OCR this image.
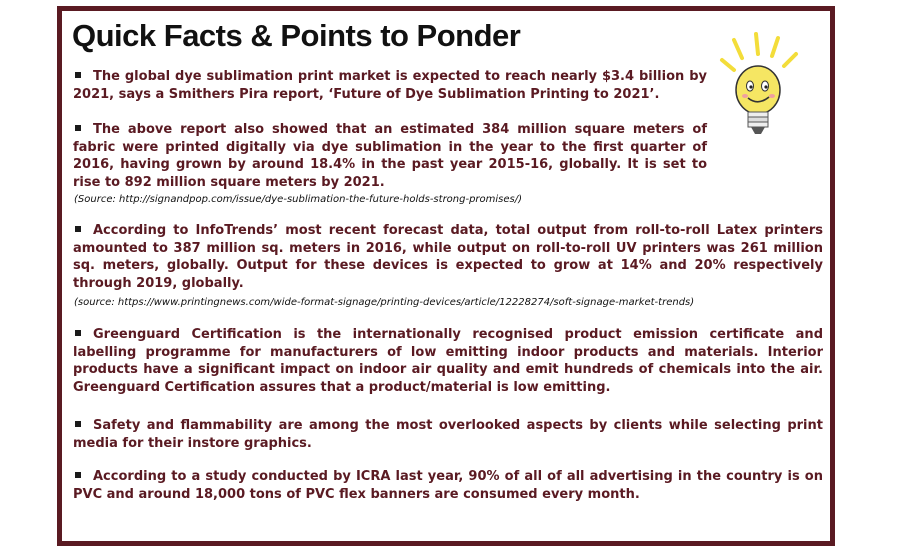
Quick Facts & Points to Ponder

The global dye sublimation print market is expected to reach nearly $3.4 billion by 2021, says a Smithers Pira report, ‘Future of Dye Sublimation Printing to 2021’.

The above report also showed that an estimated 384 million square meters of fabric were printed digitally via dye sublimation in the year to the first quarter of 2016, having grown by around 18.4% in the past year 2015-16, globally. It is set to rise to 892 million square meters by 2021.

(Source: http://signandpop.com/issue/dye-sublimation-the-future-holds-strong-promises/)

According to InfoTrends’ most recent forecast data, total output from roll-to-roll Latex printers amounted to 387 million sq. meters in 2016, while output on roll-to-roll UV printers was 261 million sq. meters, globally. Output for these devices is expected to grow at 14% and 20% respectively through 2019, globally.

(source: https://www.printingnews.com/wide-format-signage/printing-devices/article/12228274/soft-signage-market-trends)

Greenguard Certification is the internationally recognised product emission certificate and labelling programme for manufacturers of low emitting indoor products and materials. Interior products have a significant impact on indoor air quality and emit hundreds of chemicals into the air. Greenguard Certification assures that a product/material is low emitting.

Safety and flammability are among the most overlooked aspects by clients while selecting print media for their instore graphics.

According to a study conducted by ICRA last year, 90% of all of all advertising in the country is on PVC and around 18,000 tons of PVC flex banners are consumed every month.
